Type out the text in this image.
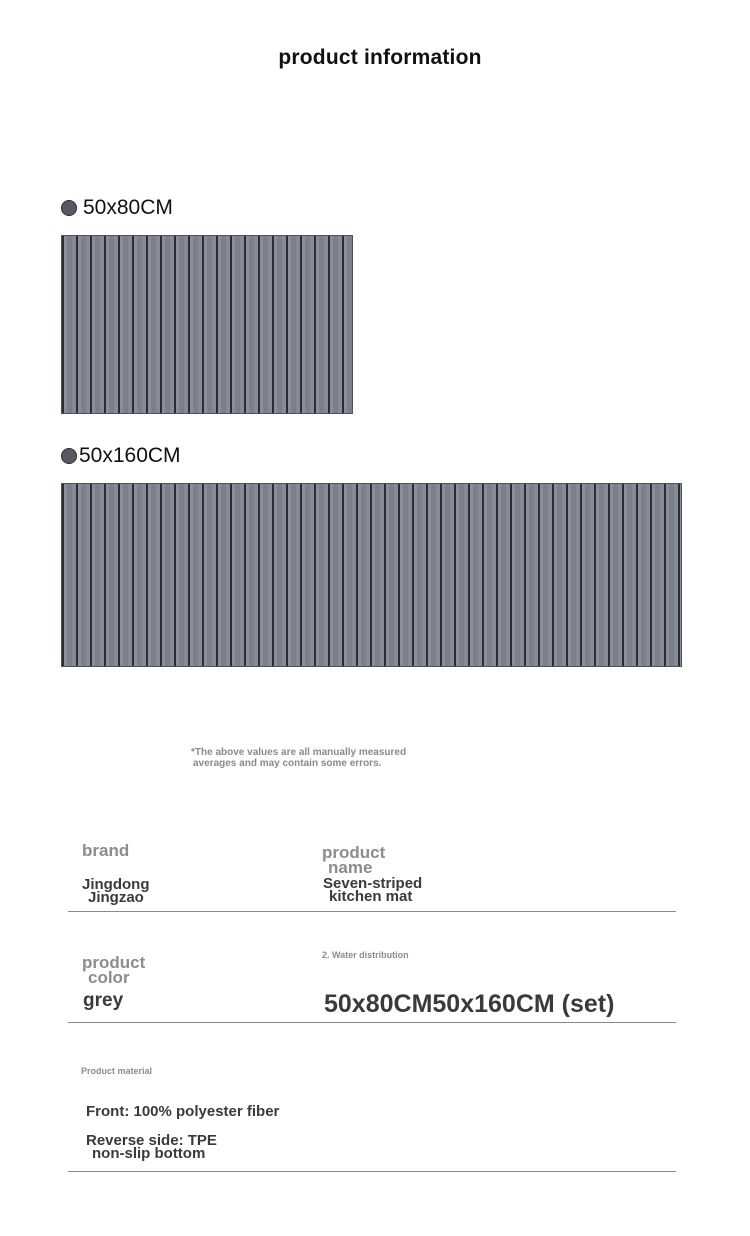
product information
50x80CM
50x160CM
*The above values are all manually measured
averages and may contain some errors.
brand
Jingdong
Jingzao
product
name
Seven-striped
kitchen mat
product
color
grey
2. Water distribution
50x80CM50x160CM (set)
Product material
Front: 100% polyester fiber
Reverse side: TPE
non-slip bottom
